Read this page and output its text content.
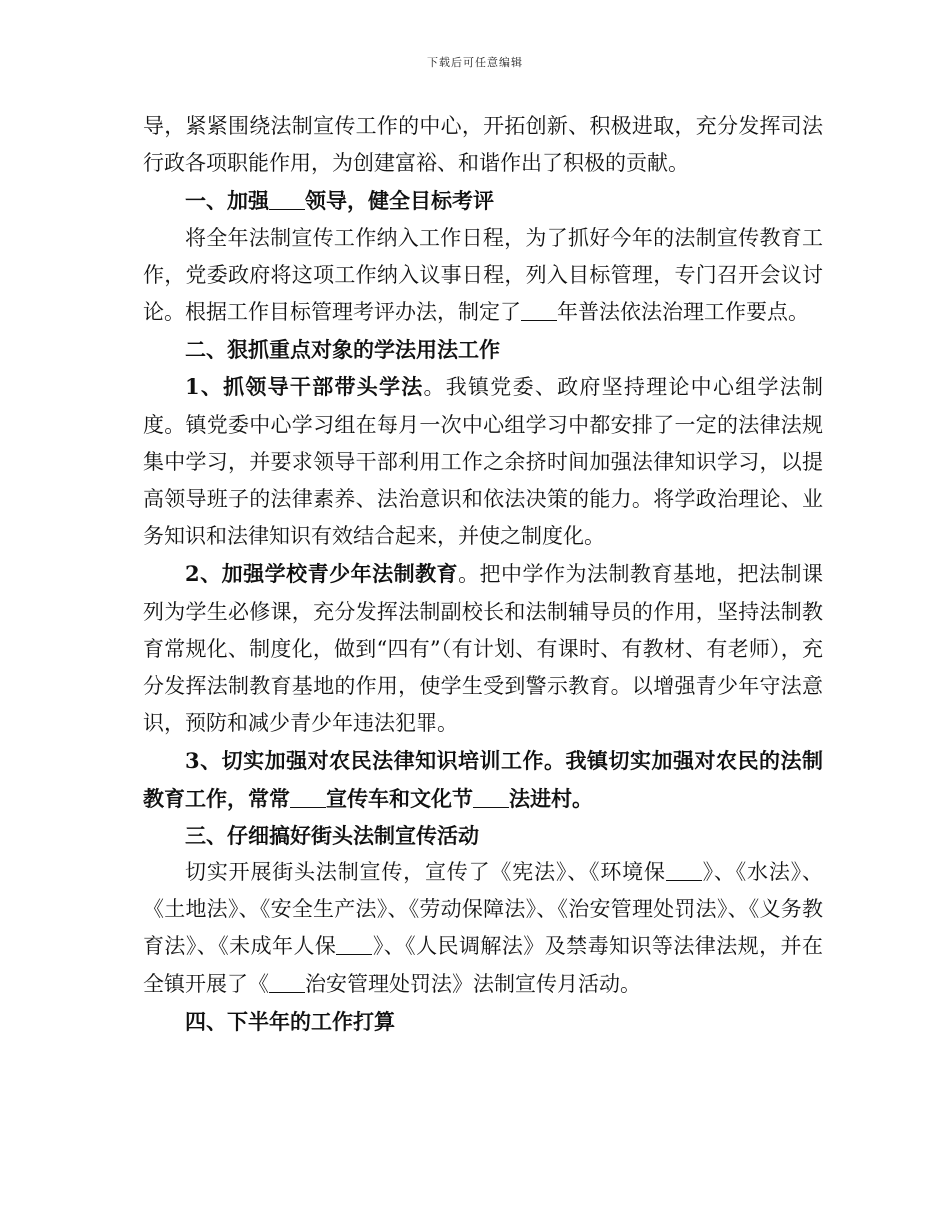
下载后可任意编辑

导，紧紧围绕法制宣传工作的中心，开拓创新、积极进取，充分发挥司法行政各项职能作用，为创建富裕、和谐作出了积极的贡献。

一、加强 领导，健全目标考评

将全年法制宣传工作纳入工作日程，为了抓好今年的法制宣传教育工作，党委政府将这项工作纳入议事日程，列入目标管理，专门召开会议讨论。根据工作目标管理考评办法，制定了 年普法依法治理工作要点。

二、狠抓重点对象的学法用法工作

1、抓领导干部带头学法。我镇党委、政府坚持理论中心组学法制度。镇党委中心学习组在每月一次中心组学习中都安排了一定的法律法规集中学习，并要求领导干部利用工作之余挤时间加强法律知识学习，以提高领导班子的法律素养、法治意识和依法决策的能力。将学政治理论、业务知识和法律知识有效结合起来，并使之制度化。

2、加强学校青少年法制教育。把中学作为法制教育基地，把法制课列为学生必修课，充分发挥法制副校长和法制辅导员的作用，坚持法制教育常规化、制度化，做到“四有”（有计划、有课时、有教材、有老师），充分发挥法制教育基地的作用，使学生受到警示教育。以增强青少年守法意识，预防和减少青少年违法犯罪。

3、切实加强对农民法律知识培训工作。我镇切实加强对农民的法制教育工作，常常 宣传车和文化节 法进村。

三、仔细搞好街头法制宣传活动

切实开展街头法制宣传，宣传了《宪法》、《环境保 》、《水法》、《土地法》、《安全生产法》、《劳动保障法》、《治安管理处罚法》、《义务教育法》、《未成年人保 》、《人民调解法》及禁毒知识等法律法规，并在全镇开展了《 治安管理处罚法》法制宣传月活动。

四、下半年的工作打算
